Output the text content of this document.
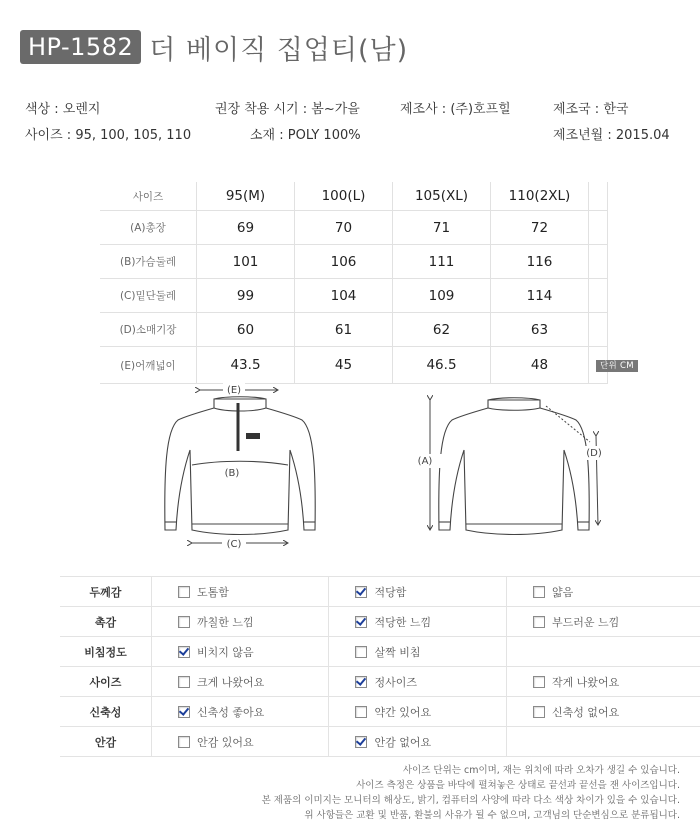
HP-1582 더 베이직 집업티(남)
색상 : 오렌지	권장 착용 시기 : 봄~가을	제조사 : (주)호프힐	제조국 : 한국
사이즈 : 95, 100, 105, 110	소재 : POLY 100%	제조년월 : 2015.04
사이즈	95(M)	100(L)	105(XL)	110(2XL)	
(A)총장	69	70	71	72	
(B)가슴둘레	101	106	111	116	
(C)밑단둘레	99	104	109	114	
(D)소매기장	60	61	62	63	
(E)어깨넓이	43.5	45	46.5	48		단위 CM
(E)
(B)
(C)
(A)
(D)
두께감	도톰함	적당함	얇음
촉감	까칠한 느낌	적당한 느낌	부드러운 느낌
비침정도	비치지 않음	살짝 비침	
사이즈	크게 나왔어요	정사이즈	작게 나왔어요
신축성	신축성 좋아요	약간 있어요	신축성 없어요
안감	안감 있어요	안감 없어요	
사이즈 단위는 cm이며, 재는 위치에 따라 오차가 생길 수 있습니다.
사이즈 측정은 상품을 바닥에 펼쳐놓은 상태로 끝선과 끝선을 잰 사이즈입니다.
본 제품의 이미지는 모니터의 해상도, 밝기, 컴퓨터의 사양에 따라 다소 색상 차이가 있을 수 있습니다.
위 사항들은 교환 및 반품, 환불의 사유가 될 수 없으며, 고객님의 단순변심으로 분류됩니다.
